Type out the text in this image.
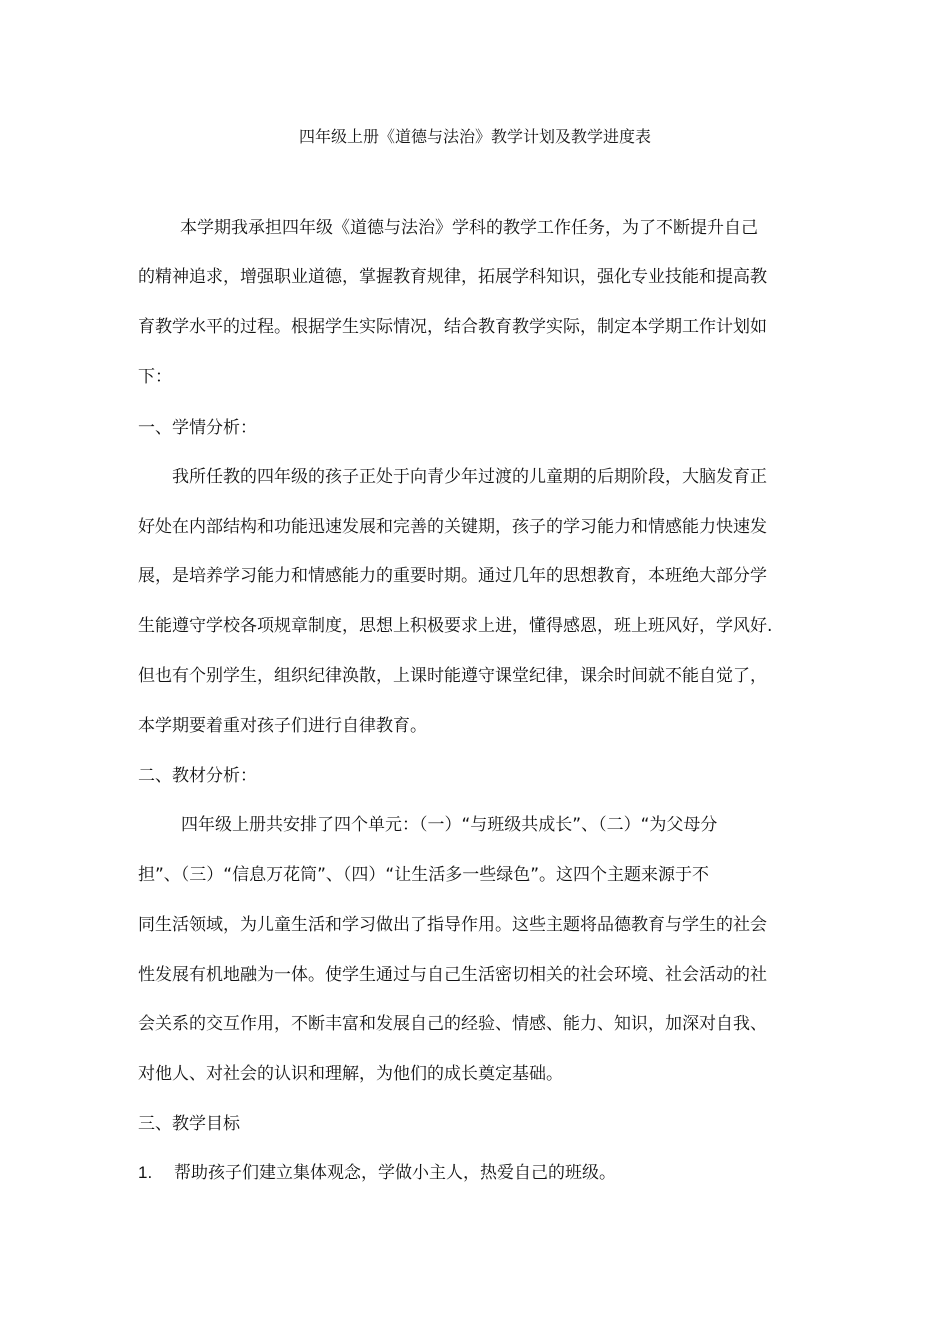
四年级上册《道德与法治》教学计划及教学进度表
本学期我承担四年级《道德与法治》学科的教学工作任务，为了不断提升自己
的精神追求，增强职业道德，掌握教育规律，拓展学科知识，强化专业技能和提高教
育教学水平的过程。根据学生实际情况，结合教育教学实际，制定本学期工作计划如
下：
一、学情分析：
我所任教的四年级的孩子正处于向青少年过渡的儿童期的后期阶段，大脑发育正
好处在内部结构和功能迅速发展和完善的关键期，孩子的学习能力和情感能力快速发
展，是培养学习能力和情感能力的重要时期。通过几年的思想教育，本班绝大部分学
生能遵守学校各项规章制度，思想上积极要求上进，懂得感恩，班上班风好，学风好.
但也有个别学生，组织纪律涣散，上课时能遵守课堂纪律，课余时间就不能自觉了，
本学期要着重对孩子们进行自律教育。
二、教材分析：
四年级上册共安排了四个单元：（一）“与班级共成长”、（二）“为父母分
担”、（三）“信息万花筒”、（四）“让生活多一些绿色”。这四个主题来源于不
同生活领域，为儿童生活和学习做出了指导作用。这些主题将品德教育与学生的社会
性发展有机地融为一体。使学生通过与自己生活密切相关的社会环境、社会活动的社
会关系的交互作用，不断丰富和发展自己的经验、情感、能力、知识，加深对自我、
对他人、对社会的认识和理解，为他们的成长奠定基础。
三、教学目标
1. 帮助孩子们建立集体观念，学做小主人，热爱自己的班级。
